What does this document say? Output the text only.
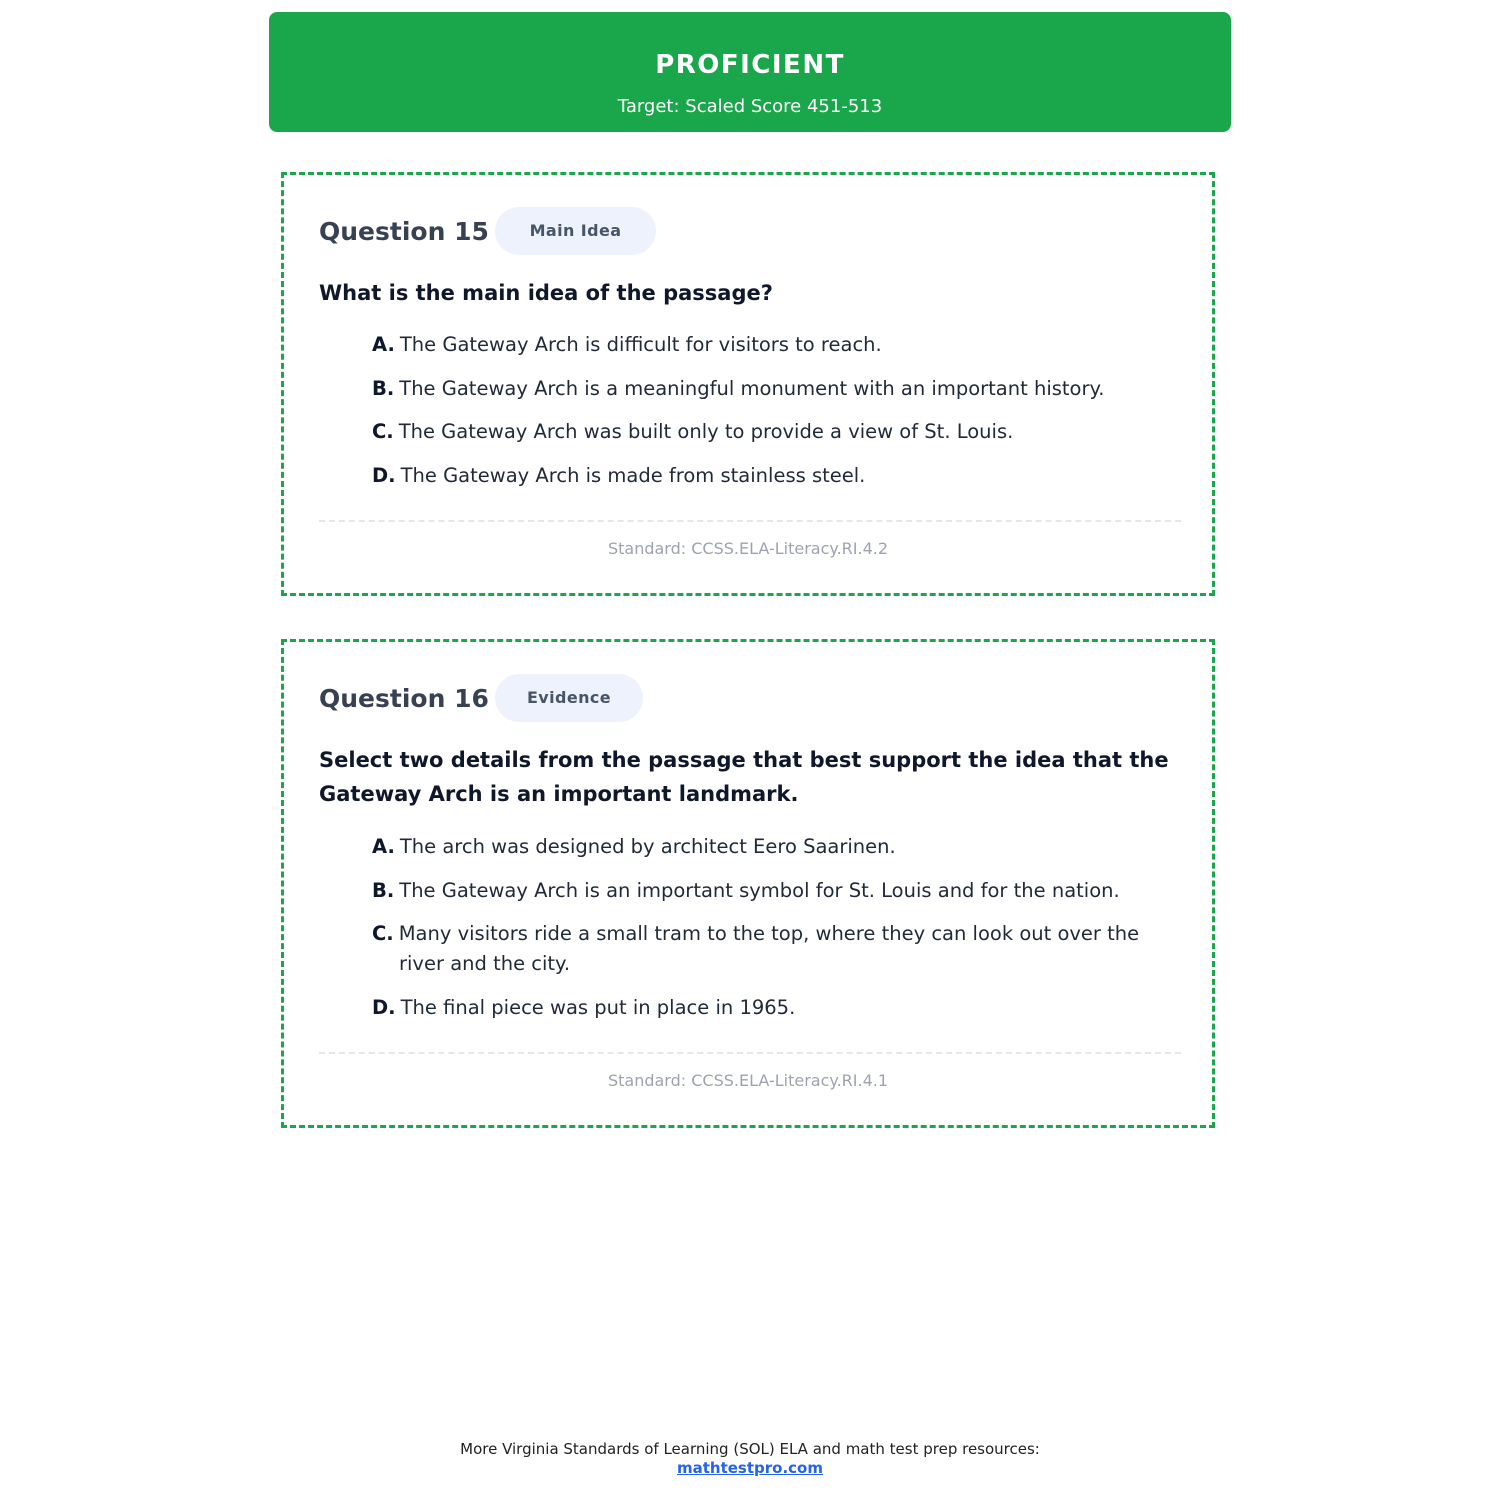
PROFICIENT
Target: Scaled Score 451-513
Question 15	Main Idea
What is the main idea of the passage?
A. The Gateway Arch is difficult for visitors to reach.
B. The Gateway Arch is a meaningful monument with an important history.
C. The Gateway Arch was built only to provide a view of St. Louis.
D. The Gateway Arch is made from stainless steel.
Standard: CCSS.ELA-Literacy.RI.4.2
Question 16	Evidence
Select two details from the passage that best support the idea that the Gateway Arch is an important landmark.
A. The arch was designed by architect Eero Saarinen.
B. The Gateway Arch is an important symbol for St. Louis and for the nation.
C. Many visitors ride a small tram to the top, where they can look out over the river and the city.
D. The final piece was put in place in 1965.
Standard: CCSS.ELA-Literacy.RI.4.1
More Virginia Standards of Learning (SOL) ELA and math test prep resources:
mathtestpro.com
